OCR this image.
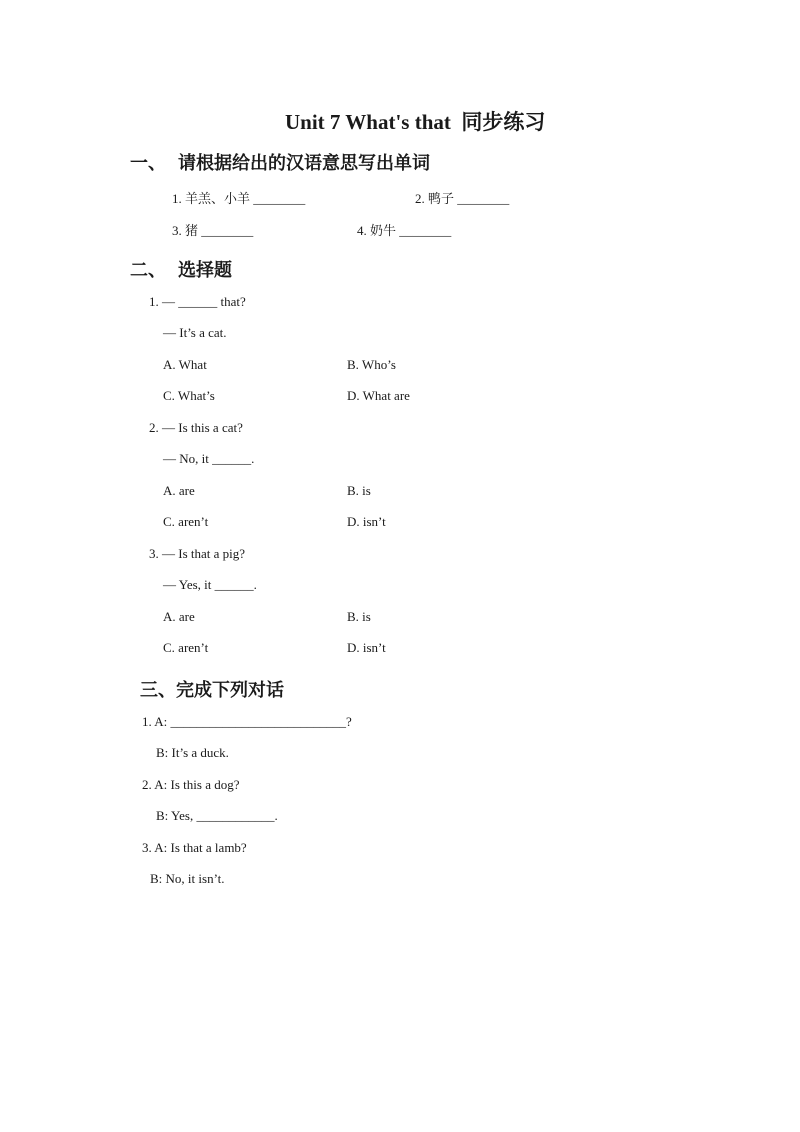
Unit 7 What's that  同步练习
一、 请根据给出的汉语意思写出单词
1. 羊羔、小羊 ________	2. 鸭子 ________
3. 猪 ________	4. 奶牛 ________
二、 选择题
1. — ______ that?
— It’s a cat.
A. What	B. Who’s
C. What’s	D. What are
2. — Is this a cat?
— No, it ______.
A. are	B. is
C. aren’t	D. isn’t
3. — Is that a pig?
— Yes, it ______.
A. are	B. is
C. aren’t	D. isn’t
三、完成下列对话
1. A: ___________________________?
B: It’s a duck.
2. A: Is this a dog?
B: Yes, ____________.
3. A: Is that a lamb?
B: No, it isn’t.
